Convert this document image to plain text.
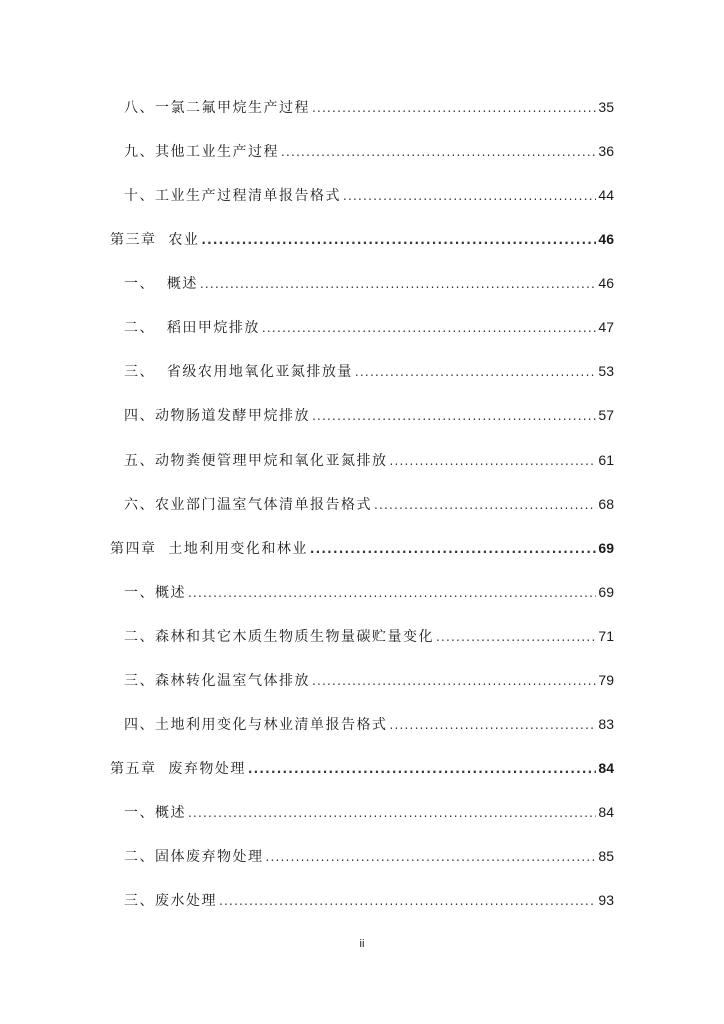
八、一氯二氟甲烷生产过程 .....	35
九、其他工业生产过程 .....	36
十、工业生产过程清单报告格式 .....	44
第三章  农业 .....	46
一、  概述 .....	46
二、  稻田甲烷排放 .....	47
三、  省级农用地氧化亚氮排放量 .....	53
四、动物肠道发酵甲烷排放 .....	57
五、动物粪便管理甲烷和氧化亚氮排放 .....	61
六、农业部门温室气体清单报告格式 .....	68
第四章  土地利用变化和林业 .....	69
一、概述 .....	69
二、森林和其它木质生物质生物量碳贮量变化 .....	71
三、森林转化温室气体排放 .....	79
四、土地利用变化与林业清单报告格式 .....	83
第五章  废弃物处理 .....	84
一、概述 .....	84
二、固体废弃物处理 .....	85
三、废水处理 .....	93
ii
